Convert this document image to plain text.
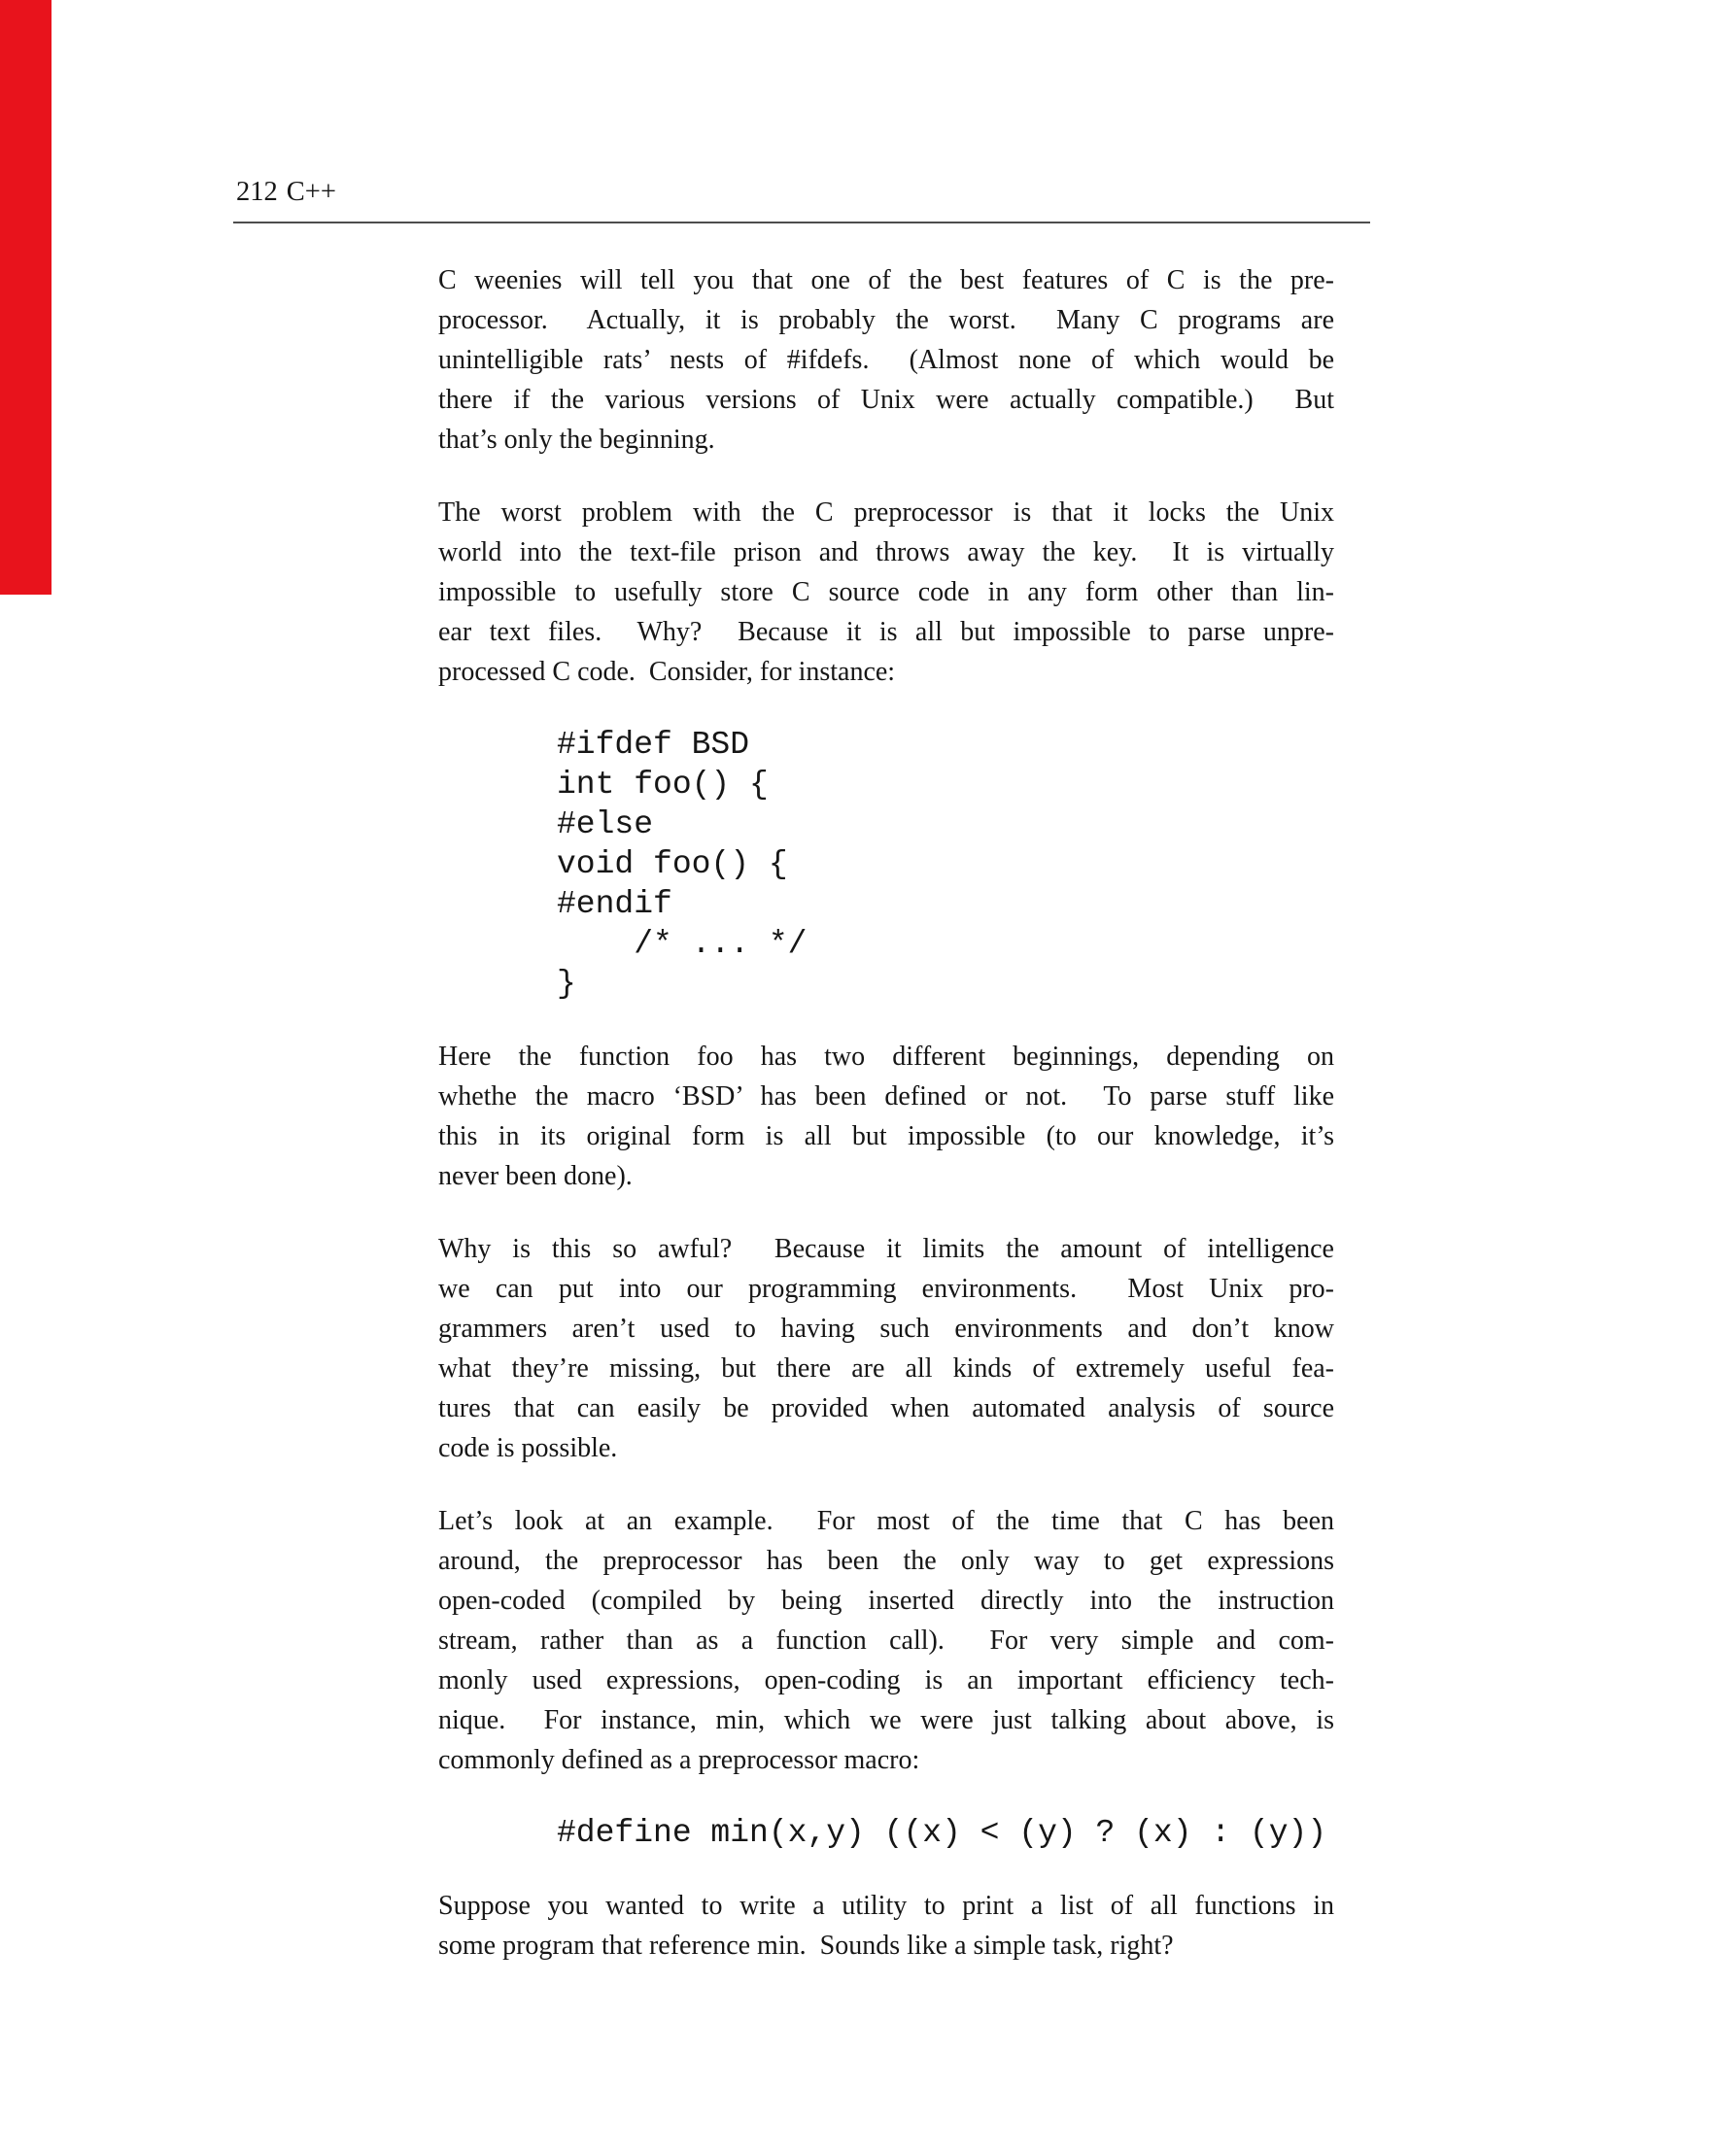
212 C++
C weenies will tell you that one of the best features of C is the pre-
processor.  Actually, it is probably the worst.  Many C programs are
unintelligible rats’ nests of #ifdefs.  (Almost none of which would be
there if the various versions of Unix were actually compatible.)  But
that’s only the beginning.
The worst problem with the C preprocessor is that it locks the Unix
world into the text-file prison and throws away the key.  It is virtually
impossible to usefully store C source code in any form other than lin-
ear text files.  Why?  Because it is all but impossible to parse unpre-
processed C code.  Consider, for instance:
#ifdef BSD
int foo() {
#else
void foo() {
#endif
/* ... */
}
Here the function foo has two different beginnings, depending on
whethe the macro ‘BSD’ has been defined or not.  To parse stuff like
this in its original form is all but impossible (to our knowledge, it’s
never been done).
Why is this so awful?  Because it limits the amount of intelligence
we can put into our programming environments.  Most Unix pro-
grammers aren’t used to having such environments and don’t know
what they’re missing, but there are all kinds of extremely useful fea-
tures that can easily be provided when automated analysis of source
code is possible.
Let’s look at an example.  For most of the time that C has been
around, the preprocessor has been the only way to get expressions
open-coded (compiled by being inserted directly into the instruction
stream, rather than as a function call).  For very simple and com-
monly used expressions, open-coding is an important efficiency tech-
nique.  For instance, min, which we were just talking about above, is
commonly defined as a preprocessor macro:
#define min(x,y) ((x) < (y) ? (x) : (y))
Suppose you wanted to write a utility to print a list of all functions in
some program that reference min.  Sounds like a simple task, right?
